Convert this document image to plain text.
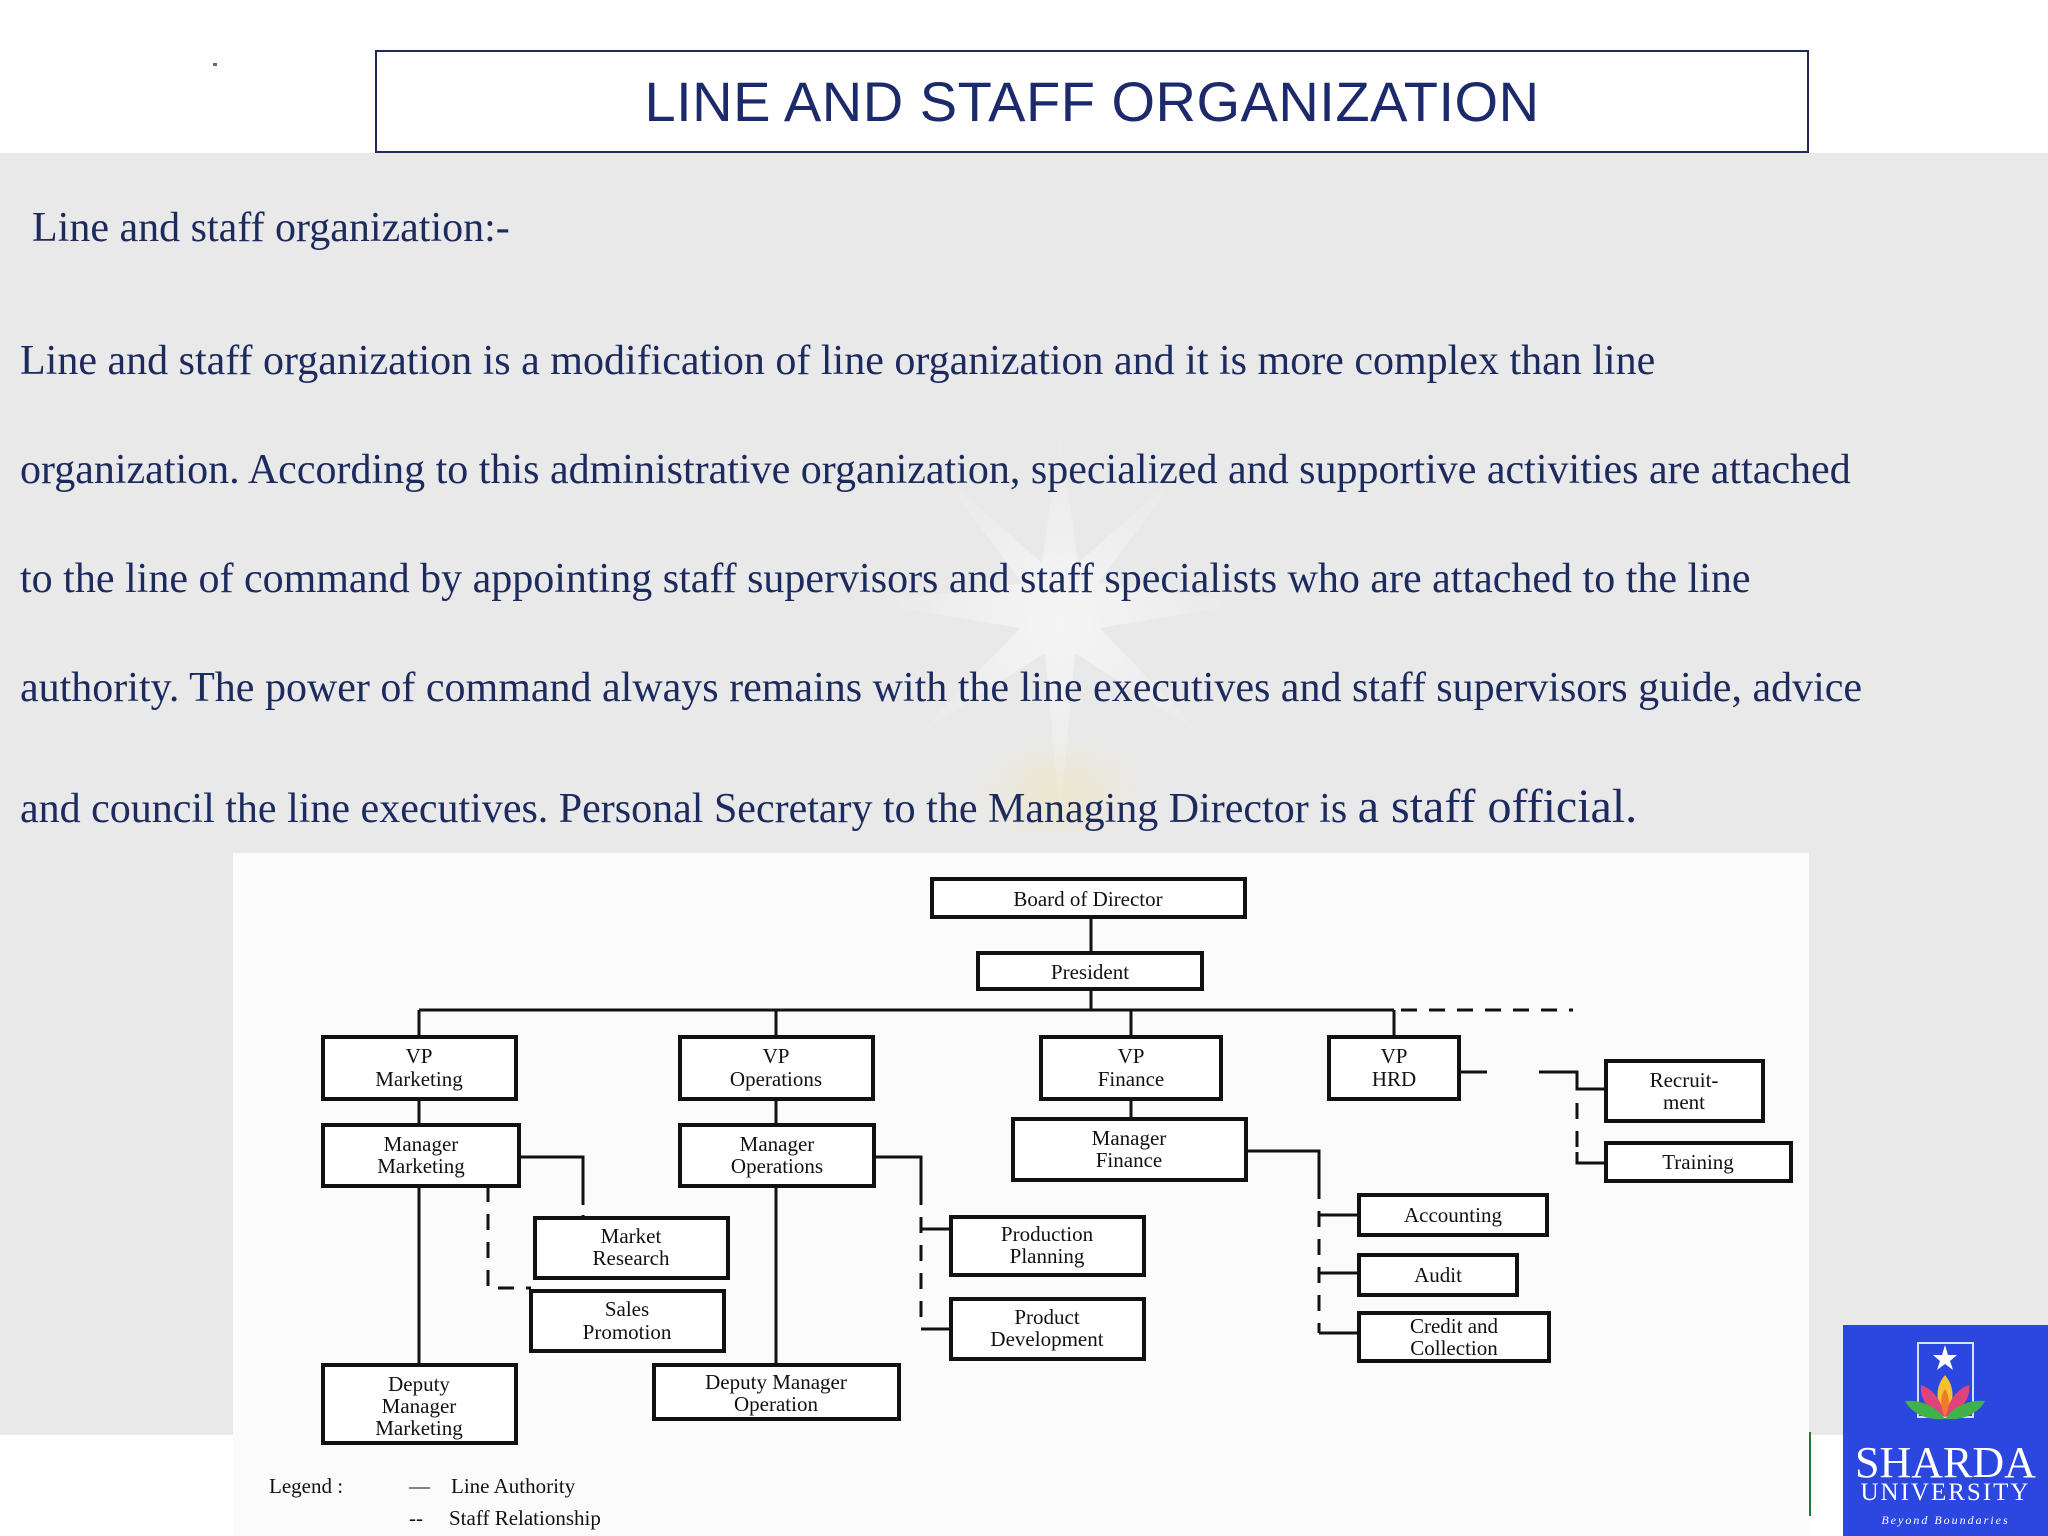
LINE AND STAFF ORGANIZATION
Line and staff organization:-
Line and staff organization is a modification of line organization and it is more complex than line
organization. According to this administrative organization, specialized and supportive activities are attached
to the line of command by appointing staff supervisors and staff specialists who are attached to the line
authority. The power of command always remains with the line executives and staff supervisors guide, advice
and council the line executives. Personal Secretary to the Managing Director is a staff official.
Board of Director
President
VP
Marketing
VP
Operations
VP
Finance
VP
HRD
Manager
Marketing
Manager
Operations
Manager
Finance
Market
Research
Sales
Promotion
Production
Planning
Product
Development
Accounting
Audit
Credit and
Collection
Recruit-
ment
Training
Deputy
Manager
Marketing
Deputy Manager
Operation
Legend :	— Line Authority
-- Staff Relationship
SHARDA
UNIVERSITY
Beyond Boundaries
